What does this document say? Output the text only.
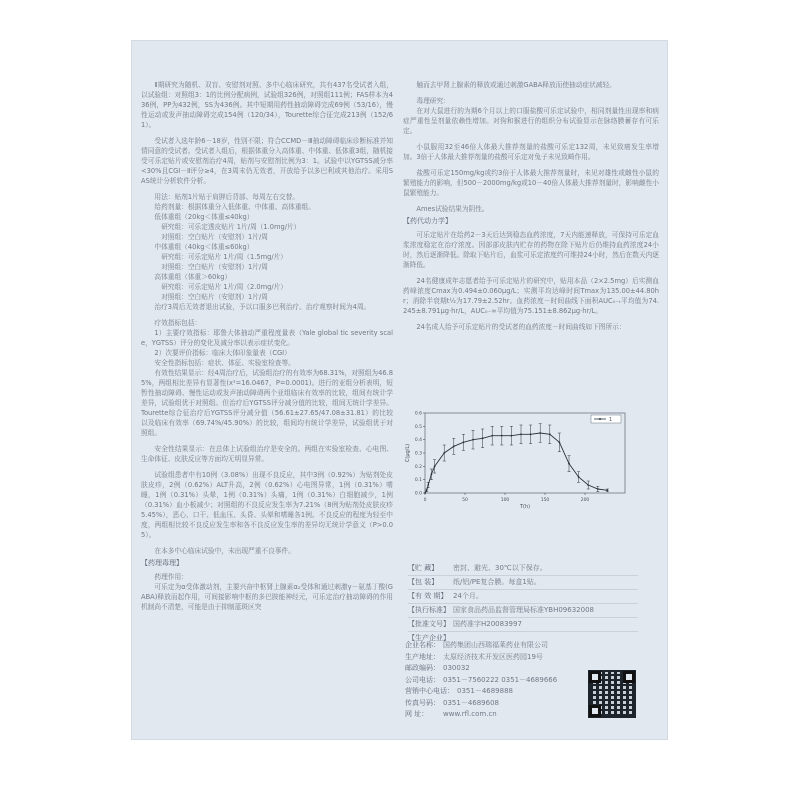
Ⅱ期研究为随机、双盲、安慰剂对照、多中心临床研究，共有437名受试者入组，以试验组：对照组3：1的比例分配病例，试验组326例，对照组111例；FAS样本为436例，PP为432例，SS为436例。其中短期用药性抽动障碍完成69例（53/16），慢性运动或发声抽动障碍完成154例（120/34），Tourette综合征完成213例（152/61）。

受试者入选年龄6－18岁，性别不限；符合CCMD－Ⅲ抽动障碍临床诊断标准并知情同意的受试者。受试者入组后，根据体重分入高体重、中体重、低体重3组，随机接受可乐定贴片或安慰剂治疗4周，贴剂与安慰剂比例为3：1。试验中以YGTSS减分率<30%且CGI－Ⅱ评分≥4，在3周末仍无效者，开放给予以多巴利或其他治疗。采用SAS统计分析软件分析。

用法：贴剂1片贴于肩胛后背部、每周左右交替。

给药剂量：根据体重分入低体重、中体重、高体重组。

低体重组（20kg＜体重≤40kg）

研究组：可乐定透皮贴片 1片/周（1.0mg/片）

对照组：空白贴片（安慰剂）1片/周

中体重组（40kg＜体重≤60kg）

研究组：可乐定贴片 1片/周（1.5mg/片）

对照组：空白贴片（安慰剂）1片/周

高体重组（体重＞60kg）

研究组：可乐定贴片 1片/周（2.0mg/片）

对照组：空白贴片（安慰剂）1片/周

治疗3周后无效者退出试验，予以口服多巴利治疗。治疗观察时间为4周。

疗效指标包括：

1）主要疗效指标：耶鲁大体抽动严重程度量表（Yale global tic severity scale，YGTSS）评分的变化及减分率以表示症状变化。

2）次要评价指标：临床大体印象量表（CGI）

安全性指标包括：症状、体征、实验室检查等。

有效性结果显示：经4周治疗后，试验组治疗的有效率为68.31%，对照组为46.85%，两组相比差异有显著性(x²=16.0467，P=0.0001)。进行的亚组分析表明，短暂性抽动障碍、慢性运动或发声抽动障碍两个亚组临床有效率的比较，组间有统计学差异，试验组优于对照组。但治疗后YGTSS评分减分值的比较，组间无统计学差异。Tourette综合征治疗后YGTSS评分减分值（56.61±27.65/47.08±31.81）的比较以及临床有效率（69.74%/45.90%）的比较，组间均有统计学差异，试验组优于对照组。

安全性结果显示：在总体上试验组治疗是安全的。两组在实验室检查、心电图、生命体征、皮肤反应等方面均无明显异常。

试验组患者中有10例（3.08%）出现不良反应，其中3例（0.92%）为贴剂处皮肤皮疹，2例（0.62%）ALT升高，2例（0.62%）心电图异常，1例（0.31%）嗜睡，1例（0.31%）头晕，1例（0.31%）头痛，1例（0.31%）白细胞减少，1例（0.31%）血小板减少；对照组的不良反应发生率为7.21%（8例为贴剂处皮肤皮疹5.45%），恶心、口干、低血压、头昏、头晕和嗜睡各1例。不良反应的程度为轻至中度，两组相比较不良反应发生率和各不良反应发生率的差异均无统计学意义（P>0.05）。

在本多中心临床试验中，未出现严重不良事件。

【药理毒理】

药理作用：

可乐定为α受体激动剂，主要兴奋中枢肾上腺素α₂受体和通过刺激γ－氨基丁酸(GABA)释放而起作用，可间接影响中枢的多巴胺能神经元，可乐定治疗抽动障碍的作用机制尚不清楚，可能是由于抑制蓝斑区突

触而去甲肾上腺素的释放或通过刺激GABA释放而使抽动症状减轻。

毒理研究：

在对大鼠进行的为期6个月以上的口服盐酸可乐定试验中，相同剂量性出现率和病症严重性呈剂量依赖性增加。对狗和猴进行的组织分布试验显示在脉络膜蓄存有可乐定。

小鼠服用32至46倍人体最大推荐剂量的盐酸可乐定132周，未见致癌发生率增加。3倍于人体最大推荐剂量的盐酸可乐定对兔子未见致畸作用。

盐酸可乐定150mg/kg或约3倍于人体最大推荐剂量时，未见对雄性或雌性小鼠的繁殖能力的影响，但500－2000mg/kg或10－40倍人体最大推荐剂量时，影响雌性小鼠繁殖能力。

Ames试验结果为阴性。

【药代动力学】

可乐定贴片在给药2－3天后达到稳态血药浓度，7天内能速释放，可保持可乐定血浆浓度稳定在治疗浓度。因部部皮肤内贮存的药物在除下贴片后仍维持血药浓度24小时，然后逐渐降低。除取下贴片后，血浆可乐定浓度约可维持24小时，然后在数天内逐渐降低。

24名健康成年志愿者给予可乐定贴片的研究中，贴用本品（2×2.5mg）后实测血药峰浓度Cmax为0.494±0.060μg/L；实测平均达峰时间Tmax为135.00±44.80hr；消除半衰期t½为17.79±2.52hr。血药浓度－时间曲线下面积AUC₀₋ₜ平均值为74.245±8.791μg·hr/L，AUC₀₋∞平均值为75.151±8.862μg·hr/L。

24名成人给予可乐定贴片的受试者的血药浓度－时间曲线如下图所示：

0	50	100	150	200
0.0
0.1
0.2
0.3
0.4
0.5
0.6
T(h)
C(μg/L)
1
【贮 藏】	密封、避光、30℃以下保存。
【包 装】	纸/铝/PE复合膜。每盒1贴。
【有 效 期】 24个月。
【执行标准】 国家食品药品监督管理局标准YBH09632008
【批准文号】 国药准字H20083997
【生产企业】
企业名称： 国药集团山西瑞福莱药业有限公司
生产地址： 太原经济技术开发区医药园19号
邮政编码： 030032
公司电话： 0351－7560222 0351－4689666
营销中心电话： 0351－4689888
传真号码： 0351－4689608
网 址：	www.rfl.com.cn
